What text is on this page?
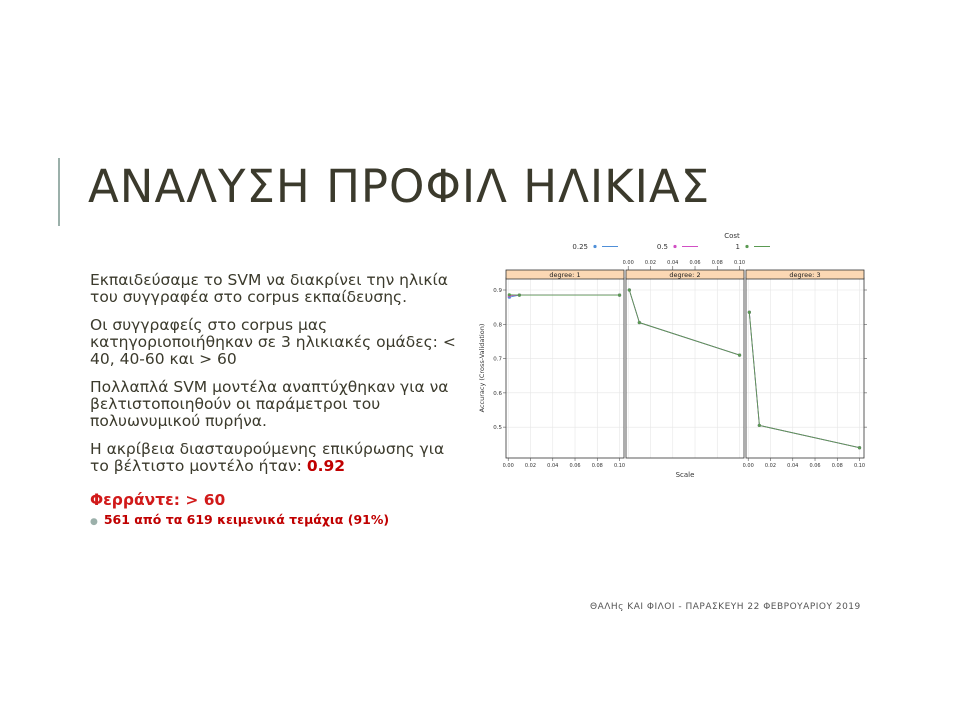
ΑΝΑΛΥΣΗ ΠΡΟΦΙΛ ΗΛΙΚΙΑΣ

Εκπαιδεύσαμε το SVM να διακρίνει την ηλικία του συγγραφέα στο corpus εκπαίδευσης.

Οι συγγραφείς στο corpus μας κατηγοριοποιήθηκαν σε 3 ηλικιακές ομάδες: < 40, 40-60 και > 60

Πολλαπλά SVM μοντέλα αναπτύχθηκαν για να βελτιστοποιηθούν οι παράμετροι του πολυωνυμικού πυρήνα.

Η ακρίβεια διασταυρούμενης επικύρωσης για το βέλτιστο μοντέλο ήταν: 0.92

Φερράντε: > 60
● 561 από τα 619 κειμενικά τεμάχια (91%)
Cost
0.25	0.5	1
0.00 0.02 0.04 0.06 0.08 0.10
degree: 1	degree: 2	degree: 3
0.5
0.6
0.7
0.8
0.9
0.00 0.02 0.04 0.06 0.08 0.10	0.00 0.02 0.04 0.06 0.08 0.10
Scale
Accuracy (Cross-Validation)
ΘΑΛΗς ΚΑΙ ΦΙΛΟΙ - ΠΑΡΑΣΚΕΥΗ 22 ΦΕΒΡΟΥΑΡΙΟΥ 2019
